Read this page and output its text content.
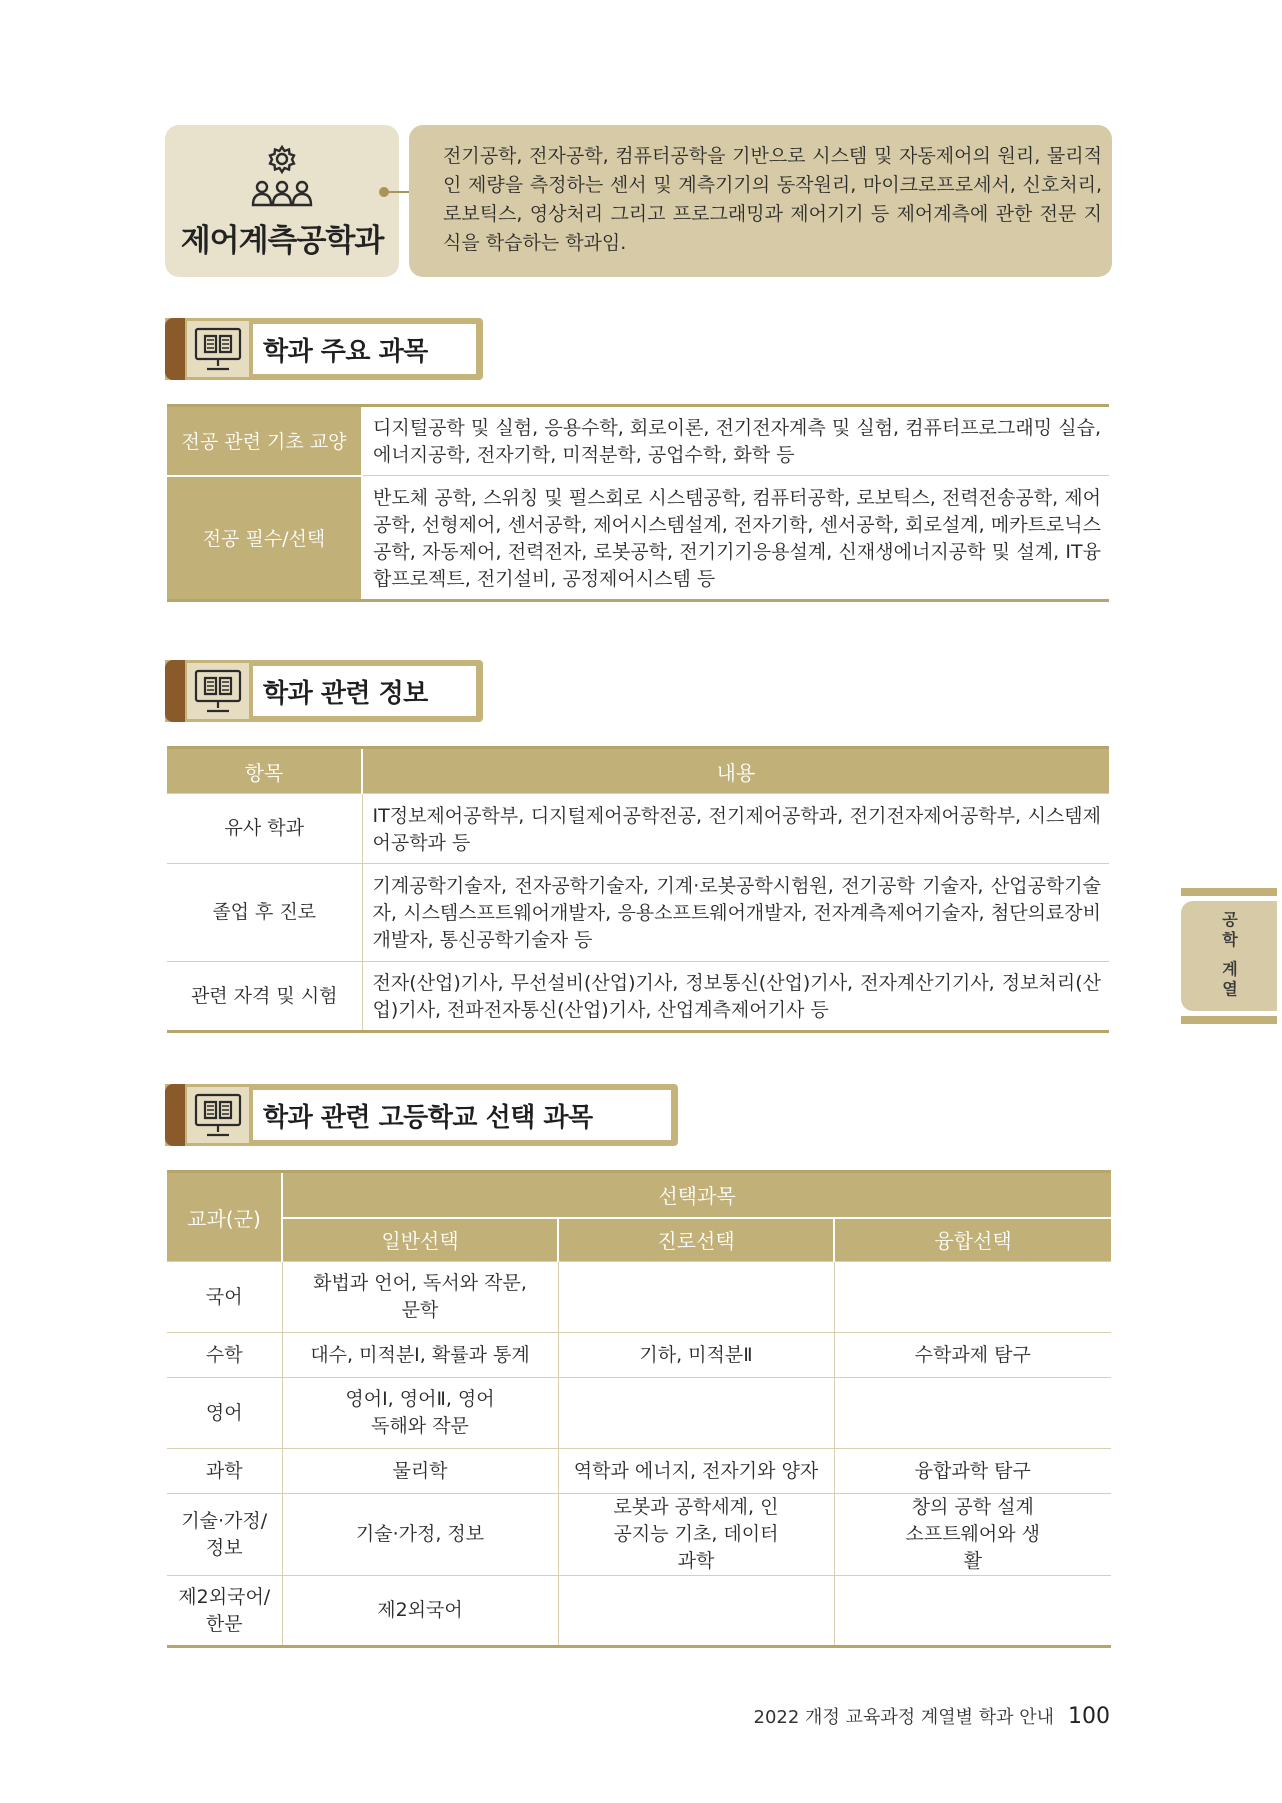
제어계측공학과

전기공학, 전자공학, 컴퓨터공학을 기반으로 시스템 및 자동제어의 원리, 물리적인 제량을 측정하는 센서 및 계측기기의 동작원리, 마이크로프로세서, 신호처리, 로보틱스, 영상처리 그리고 프로그래밍과 제어기기 등 제어계측에 관한 전문 지식을 학습하는 학과임.

학과 주요 과목
전공 관련 기초 교양	디지털공학 및 실험, 응용수학, 회로이론, 전기전자계측 및 실험, 컴퓨터프로그래밍 실습, 에너지공학, 전자기학, 미적분학, 공업수학, 화학 등
전공 필수/선택	반도체 공학, 스위칭 및 펄스회로 시스템공학, 컴퓨터공학, 로보틱스, 전력전송공학, 제어공학, 선형제어, 센서공학, 제어시스템설계, 전자기학, 센서공학, 회로설계, 메카트로닉스공학, 자동제어, 전력전자, 로봇공학, 전기기기응용설계, 신재생에너지공학 및 설계, IT융합프로젝트, 전기설비, 공정제어시스템 등
학과 관련 정보
항목	내용
유사 학과	IT정보제어공학부, 디지털제어공학전공, 전기제어공학과, 전기전자제어공학부, 시스템제어공학과 등
졸업 후 진로	기계공학기술자, 전자공학기술자, 기계·로봇공학시험원, 전기공학 기술자, 산업공학기술자, 시스템스프트웨어개발자, 응용소프트웨어개발자, 전자계측제어기술자, 첨단의료장비개발자, 통신공학기술자 등
관련 자격 및 시험	전자(산업)기사, 무선설비(산업)기사, 정보통신(산업)기사, 전자계산기기사, 정보처리(산업)기사, 전파전자통신(산업)기사, 산업계측제어기사 등
학과 관련 고등학교 선택 과목
교과(군)	선택과목		
	일반선택	진로선택	융합선택
국어	화법과 언어, 독서와 작문, 문학		
수학	대수, 미적분Ⅰ, 확률과 통계	기하, 미적분Ⅱ	수학과제 탐구
영어	영어Ⅰ, 영어Ⅱ, 영어 독해와 작문		
과학	물리학	역학과 에너지, 전자기와 양자	융합과학 탐구
기술·가정/ 정보	기술·가정, 정보	로봇과 공학세계, 인공지능 기초, 데이터 과학	창의 공학 설계 소프트웨어와 생활
제2외국어/ 한문	제2외국어		
공학 계열
2022 개정 교육과정 계열별 학과 안내 100
